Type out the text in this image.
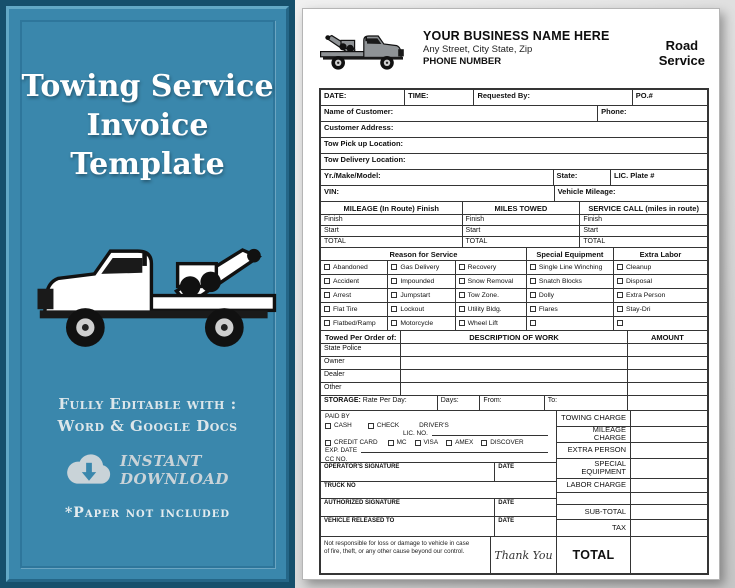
Towing Service
Invoice Template
Fully Editable with :
Word & Google Docs
INSTANT
DOWNLOAD
*Paper not included
YOUR BUSINESS NAME HERE
Any Street, City State, Zip
PHONE NUMBER
Road
Service
DATE:	TIME:	Requested By:	PO.#
Name of Customer:	Phone:
Customer Address:
Tow Pick up Location:
Tow Delivery Location:
Yr./Make/Model:	State:	LIC. Plate #
VIN:	Vehicle Mileage:
MILEAGE (In Route) Finish	MILES TOWED	SERVICE CALL (miles in route)
Finish	Finish	Finish
Start	Start	Start
TOTAL	TOTAL	TOTAL
Reason for Service	Special Equipment	Extra Labor
Abandoned	Gas Delivery	Recovery	Single Line Winching	Cleanup
Accident	Impounded	Snow Removal	Snatch Blocks	Disposal
Arrest	Jumpstart	Tow Zone.	Dolly	Extra Person
Flat Tire	Lockout	Utility Bldg.	Flares	Stay-Dri
Flatbed/Ramp	Motorcycle	Wheel Lift
Towed Per Order of:	DESCRIPTION OF WORK	AMOUNT
State Police
Owner
Dealer
Other
STORAGE: Rate Per Day:	Days:	From:	To:
PAID BY
CASH	CHECK	DRIVER'S
LIC. NO.
CREDIT CARD	MC	VISA	AMEX	DISCOVER
EXP. DATE
CC NO.
OPERATOR'S SIGNATURE	DATE
TRUCK NO
AUTHORIZED SIGNATURE	DATE
VEHICLE RELEASED TO	DATE
TOWING CHARGE
MILEAGE CHARGE
EXTRA PERSON
SPECIAL EQUIPMENT
LABOR CHARGE
SUB-TOTAL
TAX
Not responsible for loss or damage to vehicle in case
of fire, theft, or any other cause beyond our control.	Thank You	TOTAL
